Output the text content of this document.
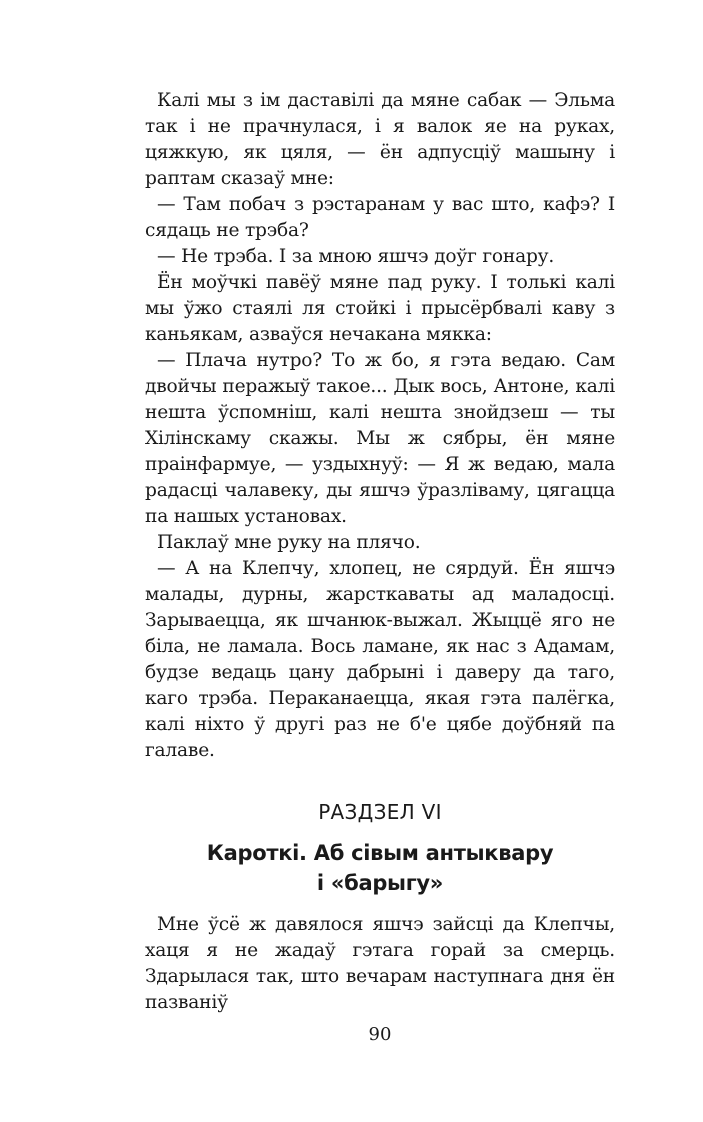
Калі мы з ім даставілі да мяне сабак — Эльма так і не прачнулася, і я валок яе на руках, цяжкую, як цяля, — ён адпусціў машыну і раптам сказаў мне:

— Там побач з рэстаранам у вас што, кафэ? І сядаць не трэба?

— Не трэба. І за мною яшчэ доўг гонару.

Ён моўчкі павёў мяне пад руку. І толькі калі мы ўжо стаялі ля стойкі і прысёрбвалі каву з каньякам, азваўся нечакана мякка:

— Плача нутро? То ж бо, я гэта ведаю. Сам двойчы перажыў такое... Дык вось, Антоне, калі нешта ўспомніш, калі нешта знойдзеш — ты Хілінскаму скажы. Мы ж сябры, ён мяне праінфармуе, — уздыхнуў: — Я ж ведаю, мала радасці чалавеку, ды яшчэ ўразліваму, цягацца па нашых установах.

Паклаў мне руку на плячо.

— А на Клепчу, хлопец, не сярдуй. Ён яшчэ малады, дурны, жарсткаваты ад маладосці. Зарываецца, як шчанюк-выжал. Жыццё яго не біла, не ламала. Вось ламане, як нас з Адамам, будзе ведаць цану дабрыні і даверу да таго, каго трэба. Пераканаецца, якая гэта палёгка, калі ніхто ў другі раз не б'е цябе доўбняй па галаве.

РАЗДЗЕЛ VI
Кароткі. Аб сівым антыквару
і «барыгу»

Мне ўсё ж давялося яшчэ зайсці да Клепчы, хаця я не жадаў гэтага горай за смерць. Здарылася так, што вечарам наступнага дня ён пазваніў

90
